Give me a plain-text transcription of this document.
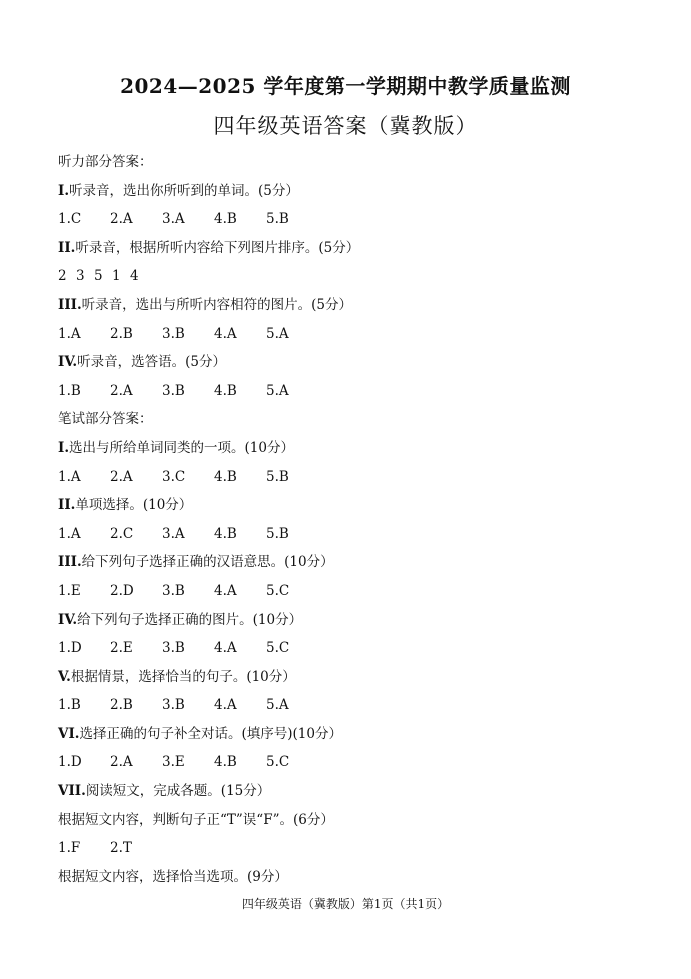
2024—2025 学年度第一学期期中教学质量监测
四年级英语答案（冀教版）
听力部分答案：
I.听录音，选出你所听到的单词。(5分）
1.C	2.A	3.A	4.B	5.B
II.听录音，根据所听内容给下列图片排序。(5分）
2 3 5 1 4
III.听录音，选出与所听内容相符的图片。(5分）
1.A	2.B	3.B	4.A	5.A
IV.听录音，选答语。(5分）
1.B	2.A	3.B	4.B	5.A
笔试部分答案：
I.选出与所给单词同类的一项。(10分）
1.A	2.A	3.C	4.B	5.B
II.单项选择。(10分）
1.A	2.C	3.A	4.B	5.B
III.给下列句子选择正确的汉语意思。(10分）
1.E	2.D	3.B	4.A	5.C
IV.给下列句子选择正确的图片。(10分）
1.D	2.E	3.B	4.A	5.C
V.根据情景，选择恰当的句子。(10分）
1.B	2.B	3.B	4.A	5.A
VI.选择正确的句子补全对话。(填序号)(10分）
1.D	2.A	3.E	4.B	5.C
VII.阅读短文，完成各题。(15分）
根据短文内容，判断句子正“T”误“F”。(6分）
1.F	2.T
根据短文内容，选择恰当选项。(9分）
四年级英语（冀教版）第1页（共1页）
